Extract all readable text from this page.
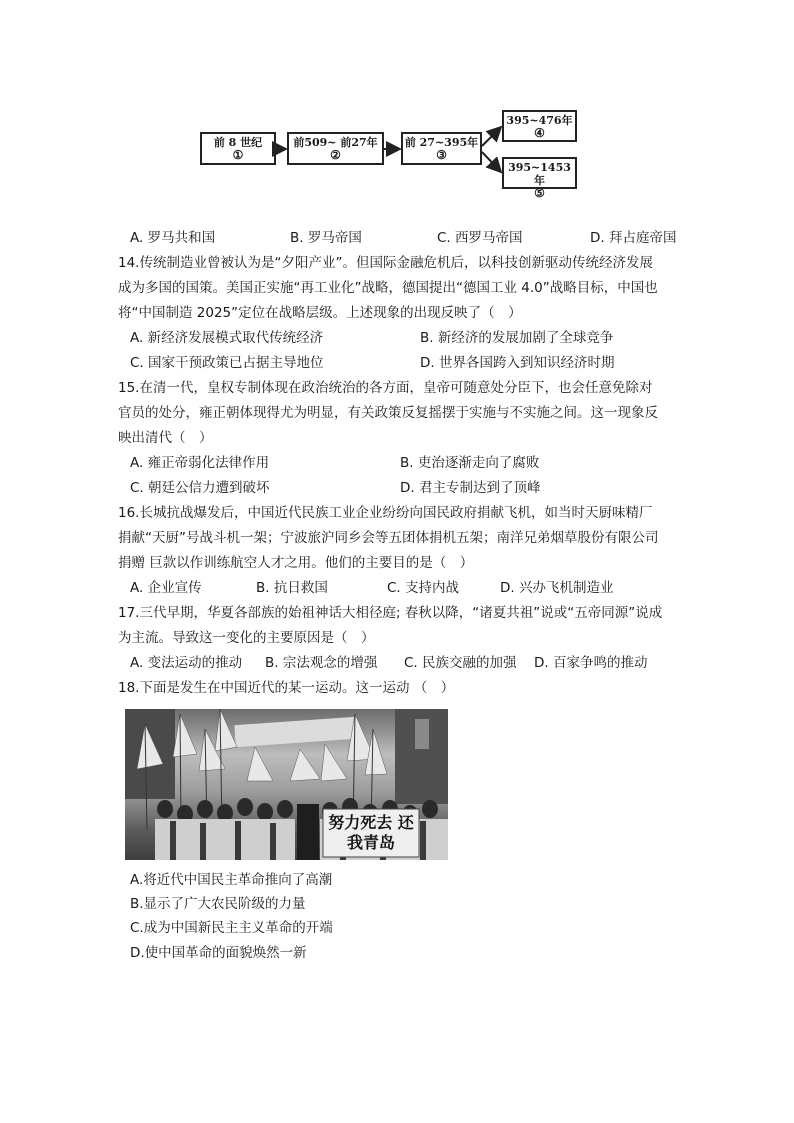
前 8 世纪
①
前509~ 前27年
②
前 27~395年
③
395~476年
④
395~1453年
⑤
A. 罗马共和国	B. 罗马帝国	C. 西罗马帝国	D. 拜占庭帝国
14.传统制造业曾被认为是“夕阳产业”。但国际金融危机后，以科技创新驱动传统经济发展
成为多国的国策。美国正实施“再工业化”战略，德国提出“德国工业 4.0”战略目标，中国也
将“中国制造 2025”定位在战略层级。上述现象的出现反映了（　）
A. 新经济发展模式取代传统经济	B. 新经济的发展加剧了全球竞争
C. 国家干预政策已占据主导地位	D. 世界各国跨入到知识经济时期
15.在清一代，皇权专制体现在政治统治的各方面，皇帝可随意处分臣下，也会任意免除对
官员的处分，雍正朝体现得尤为明显，有关政策反复摇摆于实施与不实施之间。这一现象反
映出清代（　）
A. 雍正帝弱化法律作用	B. 吏治逐渐走向了腐败
C. 朝廷公信力遭到破坏	D. 君主专制达到了顶峰
16.长城抗战爆发后，中国近代民族工业企业纷纷向国民政府捐献飞机，如当时天厨味精厂
捐献“天厨”号战斗机一架；宁波旅沪同乡会等五团体捐机五架；南洋兄弟烟草股份有限公司
捐赠 巨款以作训练航空人才之用。他们的主要目的是（　）
A. 企业宣传	B. 抗日救国	C. 支持内战	D. 兴办飞机制造业
17.三代早期，华夏各部族的始祖神话大相径庭; 春秋以降，“诸夏共祖”说或“五帝同源”说成
为主流。导致这一变化的主要原因是（　）
A. 变法运动的推动 B. 宗法观念的增强 C. 民族交融的加强 D. 百家争鸣的推动
18.下面是发生在中国近代的某一运动。这一运动 （　）
努力死去 还我青岛
A.将近代中国民主革命推向了高潮
B.显示了广大农民阶级的力量
C.成为中国新民主主义革命的开端
D.使中国革命的面貌焕然一新
